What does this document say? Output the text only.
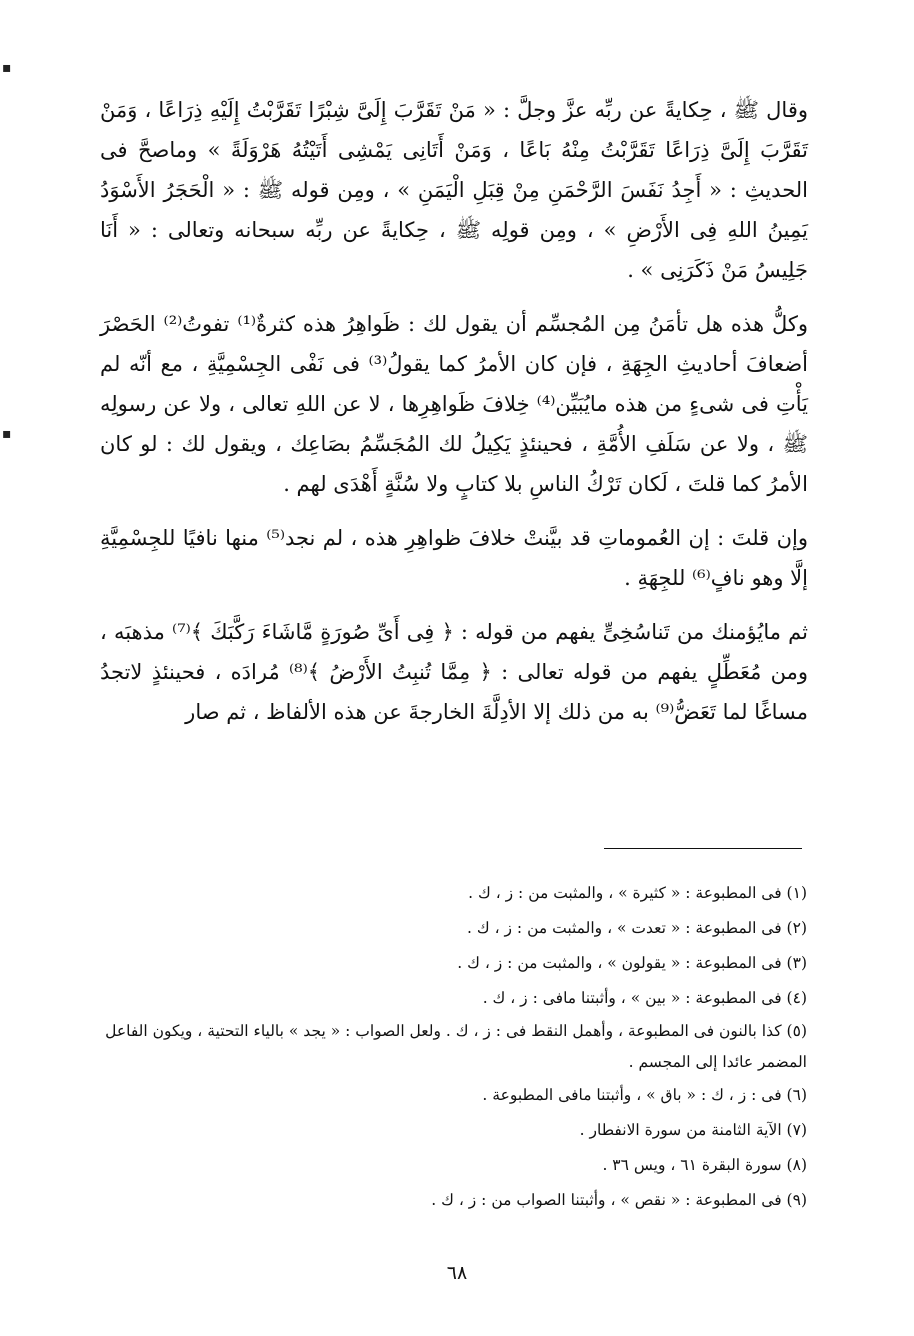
▪
▪

وقال ﷺ ، حِكايةً عن ربِّه عزَّ وجلَّ : « مَنْ تَقَرَّبَ إِلَىَّ شِبْرًا تَقَرَّبْتُ إِلَيْهِ ذِرَاعًا ، وَمَنْ تَقَرَّبَ إِلَىَّ ذِرَاعًا تَقَرَّبْتُ مِنْهُ بَاعًا ، وَمَنْ أَتَانِى يَمْشِى أَتَيْتُهُ هَرْوَلَةً » وماصحَّ فى الحديثِ : « أَجِدُ نَفَسَ الرَّحْمَنِ مِنْ قِبَلِ الْيَمَنِ » ، ومِن قوله ﷺ : « الْحَجَرُ الأَسْوَدُ يَمِينُ اللهِ فِى الأَرْضِ » ، ومِن قولِه ﷺ ، حِكايةً عن ربِّه سبحانه وتعالى : « أَنَا جَلِيسُ مَنْ ذَكَرَنِى » .

وكلُّ هذه هل تأمَنُ مِن المُجسِّم أن يقول لك : ظَواهِرُ هذه كثرةٌ⁽¹⁾ تفوتُ⁽²⁾ الحَصْرَ أضعافَ أحاديثِ الجِهَةِ ، فإن كان الأمرُ كما يقولُ⁽³⁾ فى نَفْى الجِسْمِيَّةِ ، مع أنّه لم يَأْتِ فى شىءٍ من هذه مايُبَيِّن⁽⁴⁾ خِلافَ ظَواهِرِها ، لا عن اللهِ تعالى ، ولا عن رسولِه ﷺ ، ولا عن سَلَفِ الأُمَّةِ ، فحينئذٍ يَكِيلُ لك المُجَسِّمُ بصَاعِك ، ويقول لك : لو كان الأمرُ كما قلتَ ، لَكان تَرْكُ الناسِ بلا كتابٍ ولا سُنَّةٍ أَهْدَى لهم .

وإن قلتَ : إن العُموماتِ قد بيَّنتْ خلافَ ظواهِرِ هذه ، لم نجد⁽⁵⁾ منها نافيًا للجِسْمِيَّةِ إلَّا وهو نافٍ⁽⁶⁾ للجِهَةِ .

ثم مايُؤمنك من تَناسُخِىٍّ يفهم من قوله : ﴿ فِى أَىِّ صُورَةٍ مَّاشَاءَ رَكَّبَكَ ﴾⁽⁷⁾ مذهبَه ، ومن مُعَطِّلٍ يفهم من قوله تعالى : ﴿ مِمَّا تُنبِتُ الأَرْضُ ﴾⁽⁸⁾ مُرادَه ، فحينئذٍ لاتجدُ مساغًا لما تَعَضُّ⁽⁹⁾ به من ذلك إلا الأدِلَّةَ الخارجةَ عن هذه الألفاظ ، ثم صار

(١) فى المطبوعة : « كثيرة » ، والمثبت من : ز ، ك .
(٢) فى المطبوعة : « تعدت » ، والمثبت من : ز ، ك .
(٣) فى المطبوعة : « يقولون » ، والمثبت من : ز ، ك .
(٤) فى المطبوعة : « بين » ، وأثبتنا مافى : ز ، ك .
(٥) كذا بالنون فى المطبوعة ، وأهمل النقط فى : ز ، ك . ولعل الصواب : « يجد » بالياء التحتية ، ويكون الفاعل المضمر عائدا إلى المجسم .
(٦) فى : ز ، ك : « باق » ، وأثبتنا مافى المطبوعة .
(٧) الآية الثامنة من سورة الانفطار .
(٨) سورة البقرة ٦١ ، ويس ٣٦ .
(٩) فى المطبوعة : « نقص » ، وأثبتنا الصواب من : ز ، ك .
٦٨
